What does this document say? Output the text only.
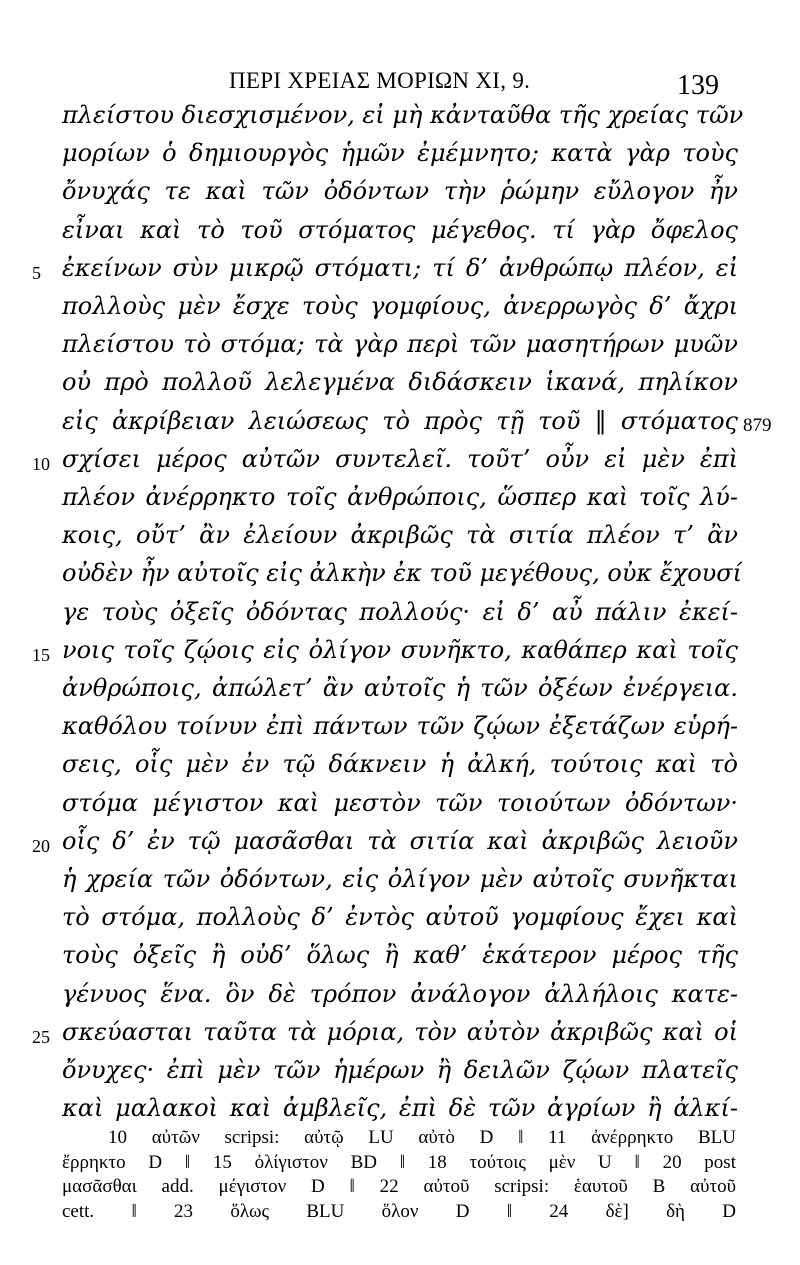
ΠΕΡΙ ΧΡΕΙΑΣ ΜΟΡΙΩΝ XI, 9.	139
πλείστου διεσχισμένον, εἰ μὴ κἀνταῦθα τῆς χρείας τῶν
μορίων ὁ δημιουργὸς ἡμῶν ἐμέμνητο; κατὰ γὰρ τοὺς
ὄνυχάς τε καὶ τῶν ὀδόντων τὴν ῥώμην εὔλογον ἦν
εἶναι καὶ τὸ τοῦ στόματος μέγεθος. τί γὰρ ὄφελος
ἐκείνων σὺν μικρῷ στόματι; τί δ’ ἀνθρώπῳ πλέον, εἰ
5
πολλοὺς μὲν ἔσχε τοὺς γομφίους, ἀνερρωγὸς δ’ ἄχρι
πλείστου τὸ στόμα; τὰ γὰρ περὶ τῶν μασητήρων μυῶν
οὐ πρὸ πολλοῦ λελεγμένα διδάσκειν ἱκανά, πηλίκον
εἰς ἀκρίβειαν λειώσεως τὸ πρὸς τῇ τοῦ ‖ στόματος 879
σχίσει μέρος αὐτῶν συντελεῖ. τοῦτ’ οὖν εἰ μὲν ἐπὶ
10
πλέον ἀνέρρηκτο τοῖς ἀνθρώποις, ὥσπερ καὶ τοῖς λύ-
κοις, οὔτ’ ἂν ἐλείουν ἀκριβῶς τὰ σιτία πλέον τ’ ἂν
οὐδὲν ἦν αὐτοῖς εἰς ἀλκὴν ἐκ τοῦ μεγέθους, οὐκ ἔχουσί
γε τοὺς ὀξεῖς ὀδόντας πολλούς· εἰ δ’ αὖ πάλιν ἐκεί-
νοις τοῖς ζῴοις εἰς ὀλίγον συνῆκτο, καθάπερ καὶ τοῖς
15
ἀνθρώποις, ἀπώλετ’ ἂν αὐτοῖς ἡ τῶν ὀξέων ἐνέργεια.
καθόλου τοίνυν ἐπὶ πάντων τῶν ζῴων ἐξετάζων εὑρή-
σεις, οἷς μὲν ἐν τῷ δάκνειν ἡ ἀλκή, τούτοις καὶ τὸ
στόμα μέγιστον καὶ μεστὸν τῶν τοιούτων ὀδόντων·
οἷς δ’ ἐν τῷ μασᾶσθαι τὰ σιτία καὶ ἀκριβῶς λειοῦν
20
ἡ χρεία τῶν ὀδόντων, εἰς ὀλίγον μὲν αὐτοῖς συνῆκται
τὸ στόμα, πολλοὺς δ’ ἐντὸς αὐτοῦ γομφίους ἔχει καὶ
τοὺς ὀξεῖς ἢ οὐδ’ ὅλως ἢ καθ’ ἑκάτερον μέρος τῆς
γένυος ἕνα. ὃν δὲ τρόπον ἀνάλογον ἀλλήλοις κατε-
σκεύασται ταῦτα τὰ μόρια, τὸν αὐτὸν ἀκριβῶς καὶ οἱ
25
ὄνυχες· ἐπὶ μὲν τῶν ἡμέρων ἢ δειλῶν ζῴων πλατεῖς
καὶ μαλακοὶ καὶ ἀμβλεῖς, ἐπὶ δὲ τῶν ἀγρίων ἢ ἀλκί-
10 αὐτῶν scripsi: αὐτῷ LU αὐτὸ D ‖ 11 ἀνέρρηκτο BLU
ἔρρηκτο D ‖ 15 ὀλίγιστον BD ‖ 18 τούτοις μὲν U ‖ 20 post
μασᾶσθαι add. μέγιστον D ‖ 22 αὐτοῦ scripsi: ἑαυτοῦ B αὐτοῦ
cett. ‖ 23 ὅλως BLU ὅλον D ‖ 24 δὲ] δὴ D
